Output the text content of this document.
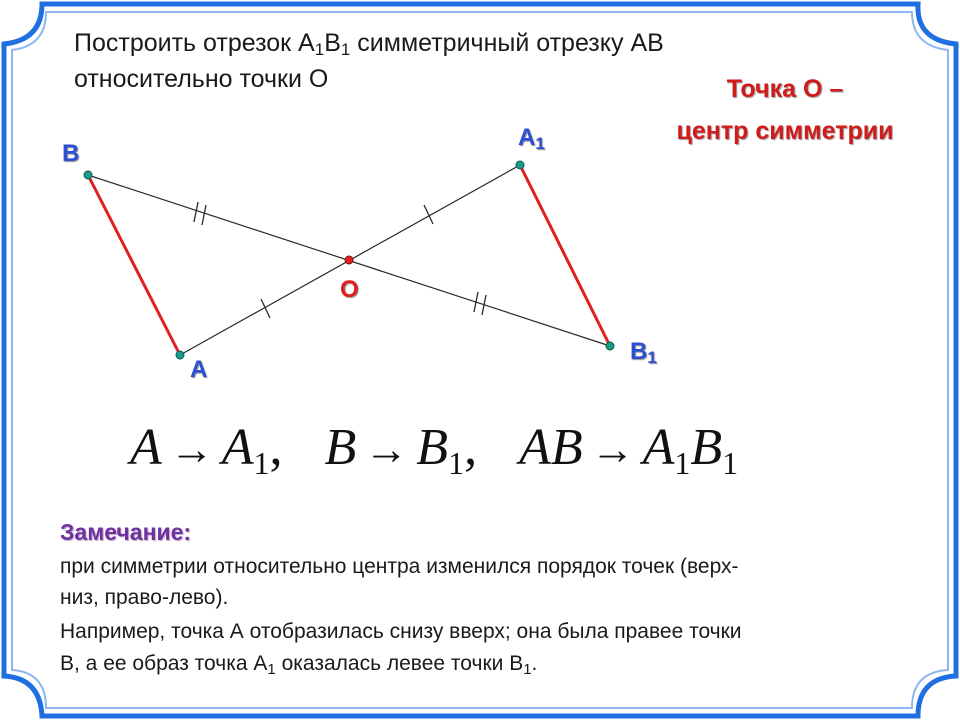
Построить отрезок $A_1B_1$ симметричный отрезку AB
относительно точки О	Точка О –
центр симметрии
B
A
$A_1$
$B_1$
O
A → A1, B → B1, AB → A1B1
Замечание:
при симметрии относительно центра изменился порядок точек (верх-
низ, право-лево).
Например, точка А отобразилась снизу вверх; она была правее точки
В, а ее образ точка $А_1$ оказалась левее точки $В_1$.
